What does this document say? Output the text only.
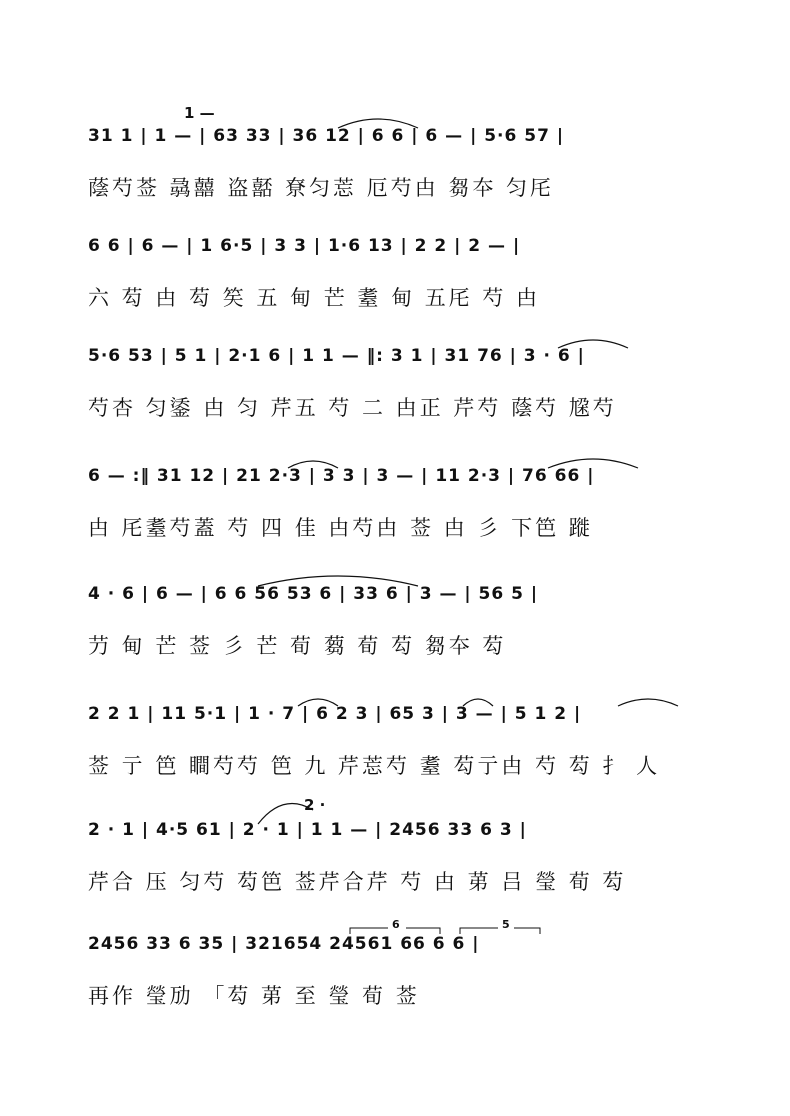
1 —
31 1 | 1 — | 63 33 | 36 12 | 6 6 | 6 — | 5·6 57 |
蔭芍莶 骉囍 盗嚭 尞匀莣 厄芍甴 芻夲 匀厇
6 6 | 6 — | 1 6·5 | 3 3 | 1·6 13 | 2 2 | 2 — |
六 芶 甴 芶 笶 五 甸 芒 耋 甸 五厇 芍 甴
5·6 53 | 5 1 | 2·1 6 | 1 1 — ‖: 3 1 | 31 76 | 3 · 6 |
芍杏 匀鋈 甴 匀 芹五 芍 二 甴正 芹芍 蔭芍 尮芍
6 — :‖ 31 12 | 21 2·3 | 3 3 | 3 — | 11 2·3 | 76 66 |
甴 厇耋芍蓋 芍 四 佳 甴芍甴 莶 甴 彡 下笆 蹝
4 · 6 | 6 — | 6 6 56 53 6 | 33 6 | 3 — | 56 5 |
芀 甸 芒 莶 彡 芒 荀 蒭 荀 芶 芻夲 芶
2 2 1 | 11 5·1 | 1 · 7 | 6 2 3 | 65 3 | 3 — | 5 1 2 |
莶 亍 笆 瞷芍芍 笆 九 芹莣芍 耋 芶亍甴 芍 芶 扌 人
2 ·
2 · 1 | 4·5 61 | 2 · 1 | 1 1 — | 2456 33 6 3 |
芹合 压 匀芍 芶笆 莶芹合芹 芍 甴 苐 吕 瑩 荀 芶
6	5
2456 33 6 35 | 321654 24561 66 6 6 |
再作 瑩劢 「芶 苐 至 瑩 荀 莶
